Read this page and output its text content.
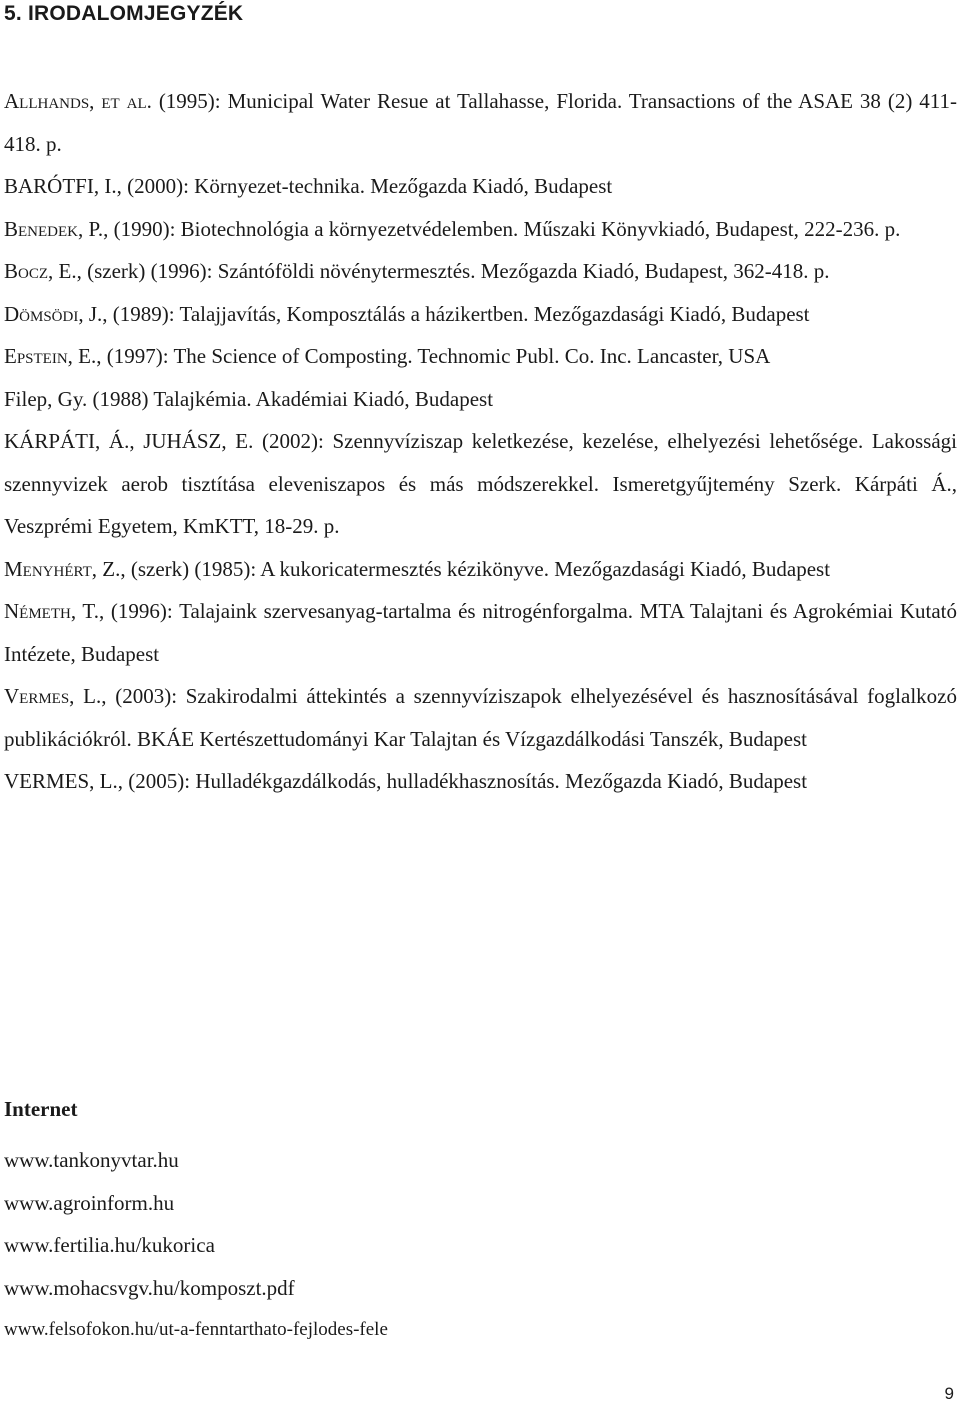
5. IRODALOMJEGYZÉK
Allhands, et al. (1995): Municipal Water Resue at Tallahasse, Florida. Transactions of the ASAE 38 (2) 411-418. p.
BARÓTFI, I., (2000): Környezet-technika. Mezőgazda Kiadó, Budapest
Benedek, P., (1990): Biotechnológia a környezetvédelemben. Műszaki Könyvkiadó, Budapest, 222-236. p.
Bocz, E., (szerk) (1996): Szántóföldi növénytermesztés. Mezőgazda Kiadó, Budapest, 362-418. p.
Dömsödi, J., (1989): Talajjavítás, Komposztálás a házikertben. Mezőgazdasági Kiadó, Budapest
Epstein, E., (1997): The Science of Composting. Technomic Publ. Co. Inc. Lancaster, USA
Filep, Gy. (1988) Talajkémia. Akadémiai Kiadó, Budapest
KÁRPÁTI, Á., JUHÁSZ, E. (2002): Szennyvíziszap keletkezése, kezelése, elhelyezési lehetősége. Lakossági szennyvizek aerob tisztítása eleveniszapos és más módszerekkel. Ismeretgyűjtemény Szerk. Kárpáti Á., Veszprémi Egyetem, KmKTT, 18-29. p.
Menyhért, Z., (szerk) (1985): A kukoricatermesztés kézikönyve. Mezőgazdasági Kiadó, Budapest
Németh, T., (1996): Talajaink szervesanyag-tartalma és nitrogénforgalma. MTA Talajtani és Agrokémiai Kutató Intézete, Budapest
Vermes, L., (2003): Szakirodalmi áttekintés a szennyvíziszapok elhelyezésével és hasznosításával foglalkozó publikációkról. BKÁE Kertészettudományi Kar Talajtan és Vízgazdálkodási Tanszék, Budapest
VERMES, L., (2005): Hulladékgazdálkodás, hulladékhasznosítás. Mezőgazda Kiadó, Budapest
Internet
www.tankonyvtar.hu
www.agroinform.hu
www.fertilia.hu/kukorica
www.mohacsvgv.hu/komposzt.pdf
www.felsofokon.hu/ut-a-fenntarthato-fejlodes-fele
9
